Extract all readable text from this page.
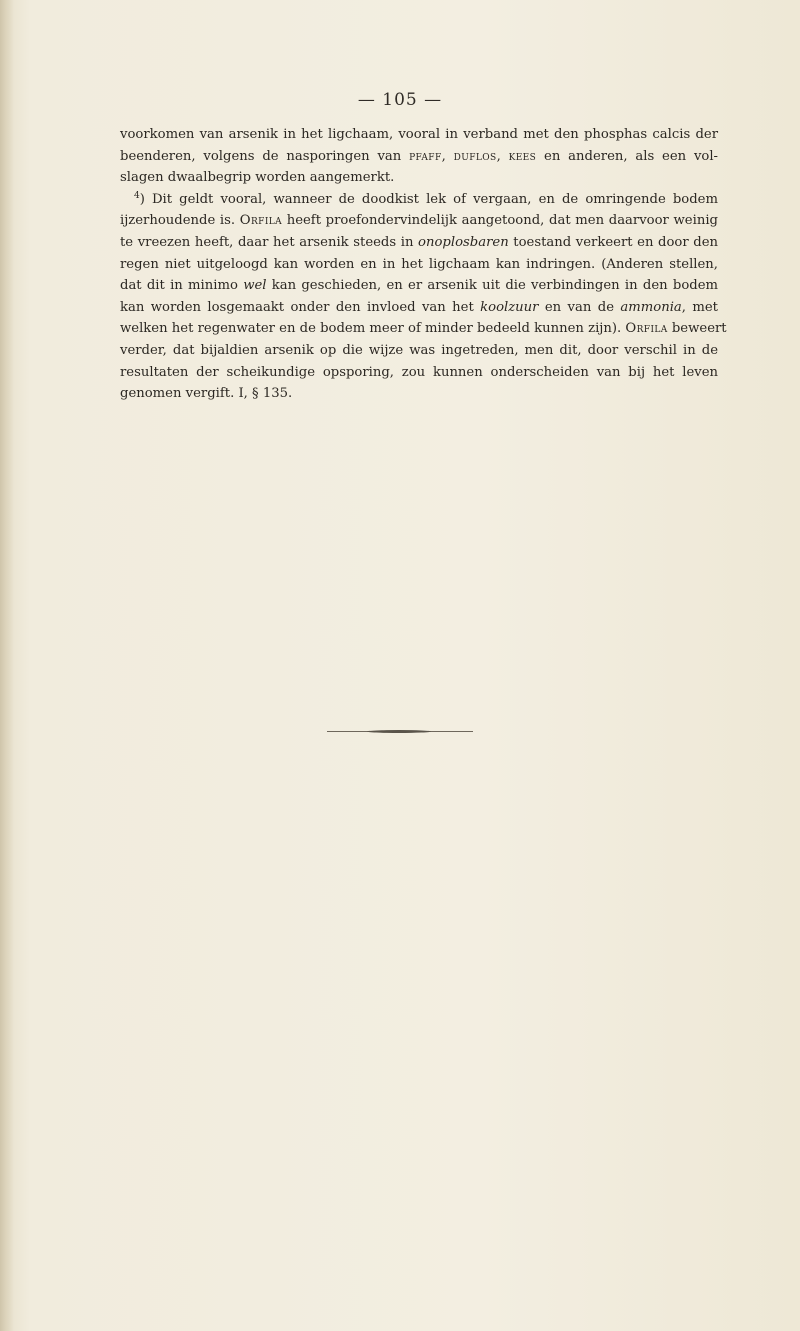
— 105 —
voorkomen van arsenik in het ligchaam, vooral in verband met den phosphas calcis der
beenderen, volgens de nasporingen van pfaff, duflos, kees en anderen, als een vol-
slagen dwaalbegrip worden aangemerkt.
$^4$) Dit geldt vooral, wanneer de doodkist lek of vergaan, en de omringende bodem
ijzerhoudende is. Orfila heeft proefondervindelijk aangetoond, dat men daarvoor weinig
te vreezen heeft, daar het arsenik steeds in onoplosbaren toestand verkeert en door den
regen niet uitgeloogd kan worden en in het ligchaam kan indringen. (Anderen stellen,
dat dit in minimo wel kan geschieden, en er arsenik uit die verbindingen in den bodem
kan worden losgemaakt onder den invloed van het koolzuur en van de ammonia, met
welken het regenwater en de bodem meer of minder bedeeld kunnen zijn). Orfila beweert
verder, dat bijaldien arsenik op die wijze was ingetreden, men dit, door verschil in de
resultaten der scheikundige opsporing, zou kunnen onderscheiden van bij het leven
genomen vergift. I, § 135.
